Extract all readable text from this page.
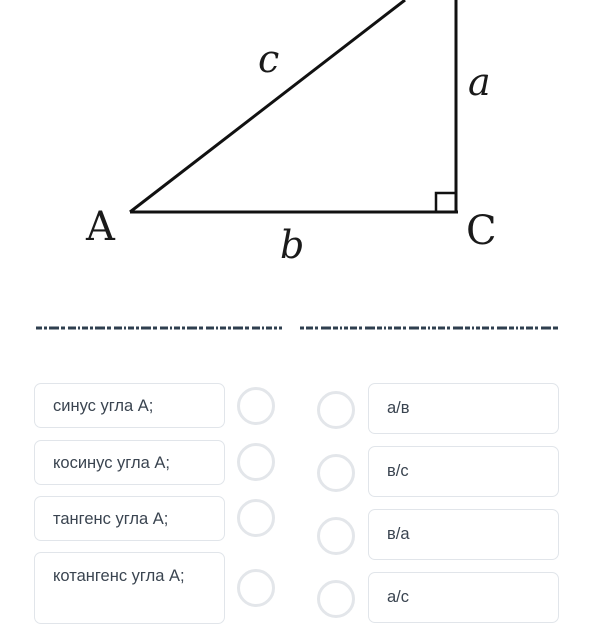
A	C
c
a
b
синус угла А;
косинус угла А;
тангенс угла А;
котангенс угла А;
а/в
в/с
в/а
а/с
